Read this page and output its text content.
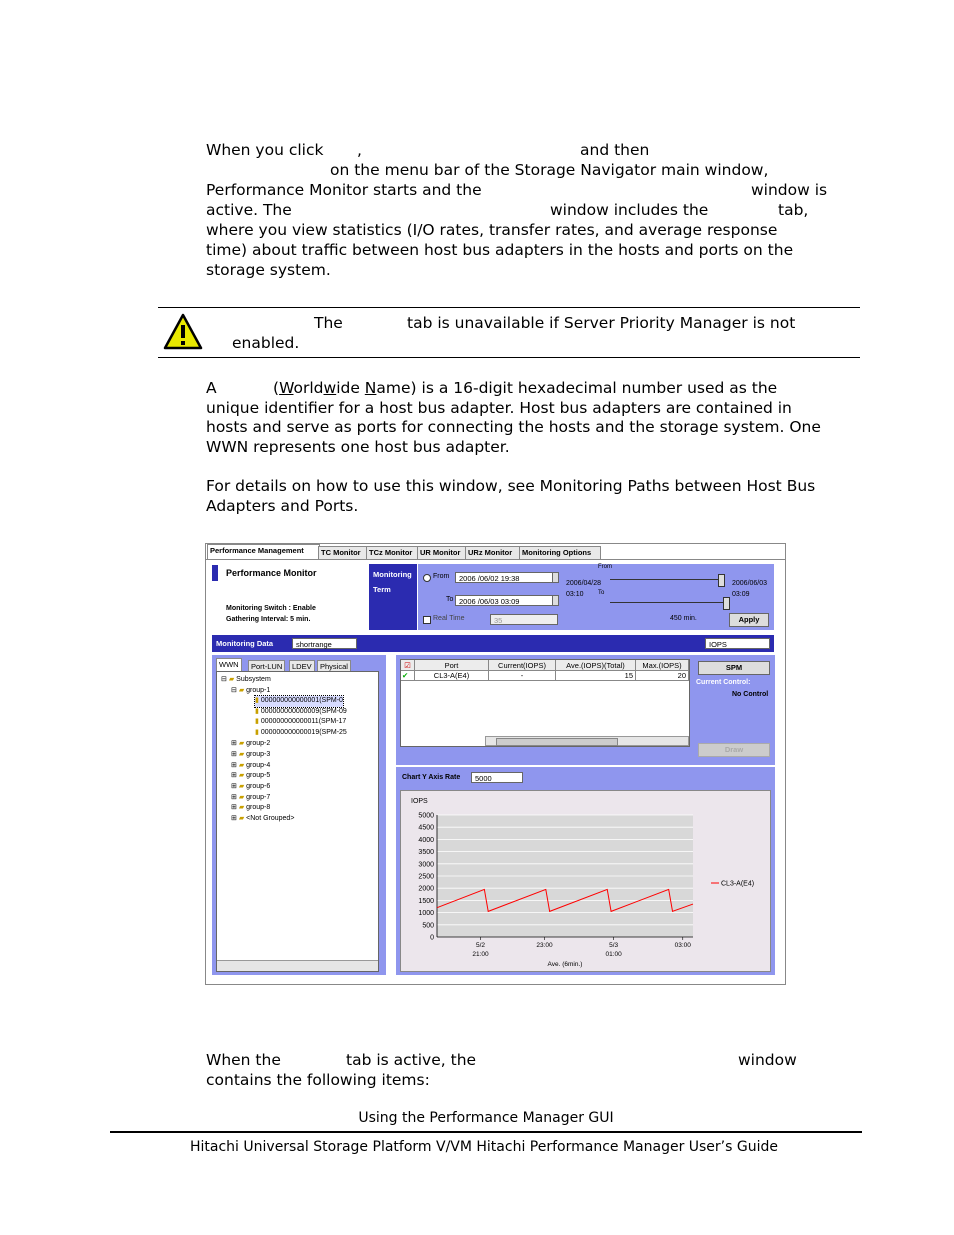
When you click ,	and then
on the menu bar of the Storage Navigator main window,
Performance Monitor starts and the	window is
active. The	window includes the	tab,
where you view statistics (I/O rates, transfer rates, and average response
time) about traffic between host bus adapters in the hosts and ports on the
storage system.
The	tab is unavailable if Server Priority Manager is not
enabled.
A	(Worldwide Name) is a 16-digit hexadecimal number used as the
unique identifier for a host bus adapter. Host bus adapters are contained in
hosts and serve as ports for connecting the hosts and the storage system. One
WWN represents one host bus adapter.
For details on how to use this window, see Monitoring Paths between Host Bus
Adapters and Ports.
Performance Management	TC Monitor	TCz Monitor	UR Monitor	URz Monitor	Monitoring Options
Performance Monitor
Monitoring Switch : Enable
Gathering Interval: 5 min.
Monitoring
Term
From	2006 /06/02 19:38
To 2006 /06/03 03:09
Real Time	35
From
2006/04/28
03:10
2006/06/03
03:09
To
450 min.	Apply
Monitoring Data	shortrange	IOPS
WWN	Port-LUN	LDEV	Physical
⊟ ▰ Subsystem
⊟ ▰ group-1
▮ 000000000000001(SPM-0
▮ 000000000000009(SPM-09
▮ 000000000000011(SPM-17
▮ 000000000000019(SPM-25
⊞ ▰ group-2
⊞ ▰ group-3
⊞ ▰ group-4
⊞ ▰ group-5
⊞ ▰ group-6
⊞ ▰ group-7
⊞ ▰ group-8
⊞ ▰ <Not Grouped>
☑	Port	Current(IOPS)	Ave.(IOPS)(Total)	Max.(IOPS)
✔	CL3-A(E4)	-	15	20
SPM
Current Control:
No Control
Draw
Chart Y Axis Rate	5000
IOPS
0
500
1000
1500
2000
2500
3000
3500
4000
4500
5000
5/2
21:00
23:00	5/3
01:00
03:00
Ave. (6min.)
CL3-A(E4)
When the	tab is active, the	window
contains the following items:
Using the Performance Manager GUI
Hitachi Universal Storage Platform V/VM Hitachi Performance Manager User’s Guide
